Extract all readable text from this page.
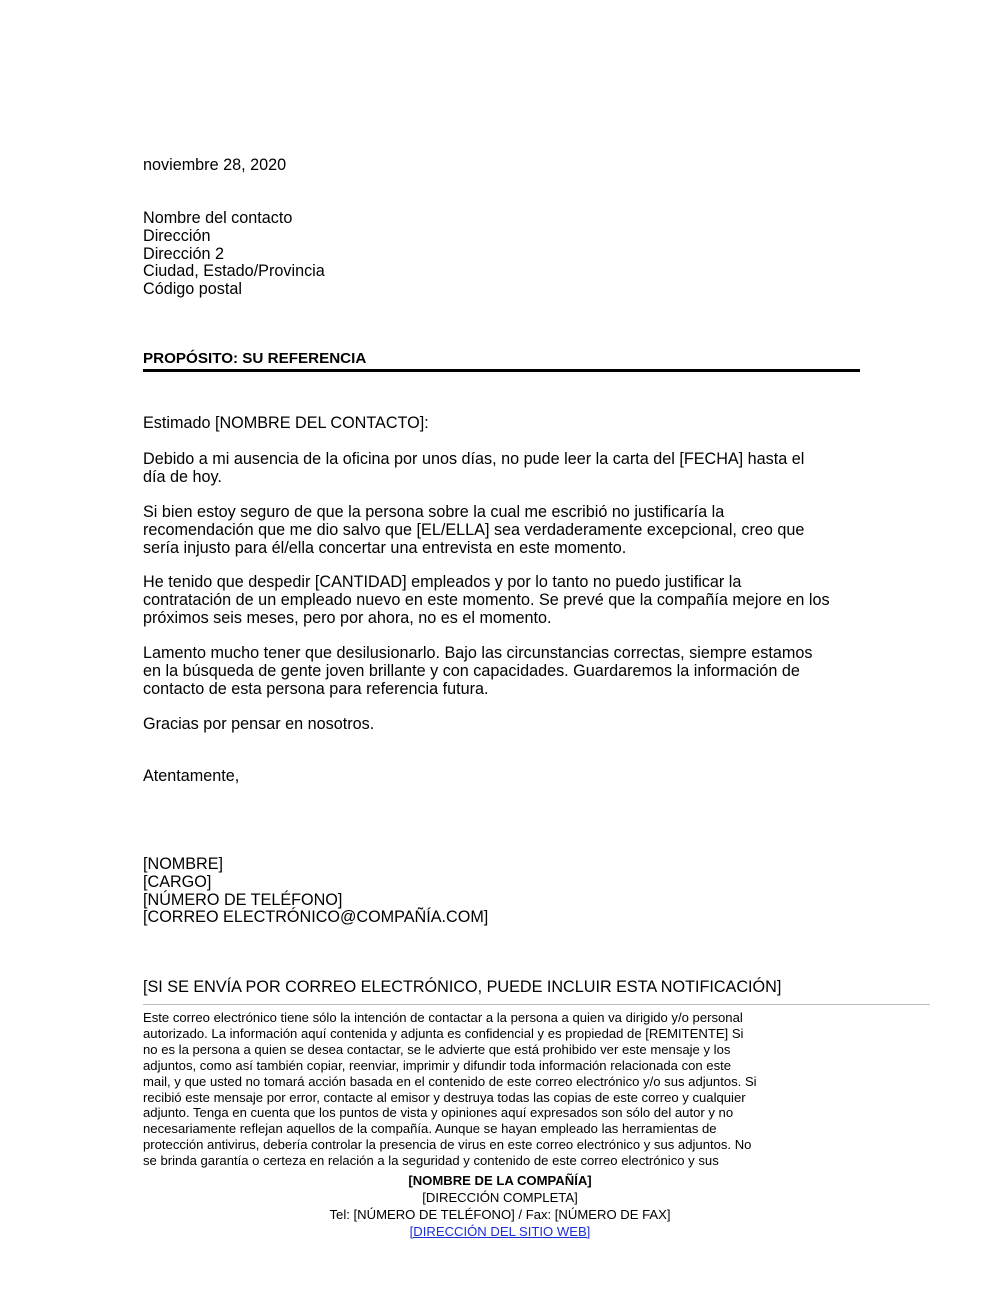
noviembre 28, 2020
Nombre del contacto
Dirección
Dirección 2
Ciudad, Estado/Provincia
Código postal
PROPÓSITO: SU REFERENCIA
Estimado [NOMBRE DEL CONTACTO]:
Debido a mi ausencia de la oficina por unos días, no pude leer la carta del [FECHA] hasta el
día de hoy.
Si bien estoy seguro de que la persona sobre la cual me escribió no justificaría la
recomendación que me dio salvo que [EL/ELLA] sea verdaderamente excepcional, creo que
sería injusto para él/ella concertar una entrevista en este momento.
He tenido que despedir [CANTIDAD] empleados y por lo tanto no puedo justificar la
contratación de un empleado nuevo en este momento. Se prevé que la compañía mejore en los
próximos seis meses, pero por ahora, no es el momento.
Lamento mucho tener que desilusionarlo. Bajo las circunstancias correctas, siempre estamos
en la búsqueda de gente joven brillante y con capacidades. Guardaremos la información de
contacto de esta persona para referencia futura.
Gracias por pensar en nosotros.
Atentamente,
[NOMBRE]
[CARGO]
[NÚMERO DE TELÉFONO]
[CORREO ELECTRÓNICO@COMPAÑÍA.COM]
[SI SE ENVÍA POR CORREO ELECTRÓNICO, PUEDE INCLUIR ESTA NOTIFICACIÓN]
Este correo electrónico tiene sólo la intención de contactar a la persona a quien va dirigido y/o personal
autorizado. La información aquí contenida y adjunta es confidencial y es propiedad de [REMITENTE] Si
no es la persona a quien se desea contactar, se le advierte que está prohibido ver este mensaje y los
adjuntos, como así también copiar, reenviar, imprimir y difundir toda información relacionada con este
mail, y que usted no tomará acción basada en el contenido de este correo electrónico y/o sus adjuntos. Si
recibió este mensaje por error, contacte al emisor y destruya todas las copias de este correo y cualquier
adjunto. Tenga en cuenta que los puntos de vista y opiniones aquí expresados son sólo del autor y no
necesariamente reflejan aquellos de la compañía. Aunque se hayan empleado las herramientas de
protección antivirus, debería controlar la presencia de virus en este correo electrónico y sus adjuntos. No
se brinda garantía o certeza en relación a la seguridad y contenido de este correo electrónico y sus
[NOMBRE DE LA COMPAÑÍA]
[DIRECCIÓN COMPLETA]
Tel: [NÚMERO DE TELÉFONO] / Fax: [NÚMERO DE FAX]
[DIRECCIÓN DEL SITIO WEB]
